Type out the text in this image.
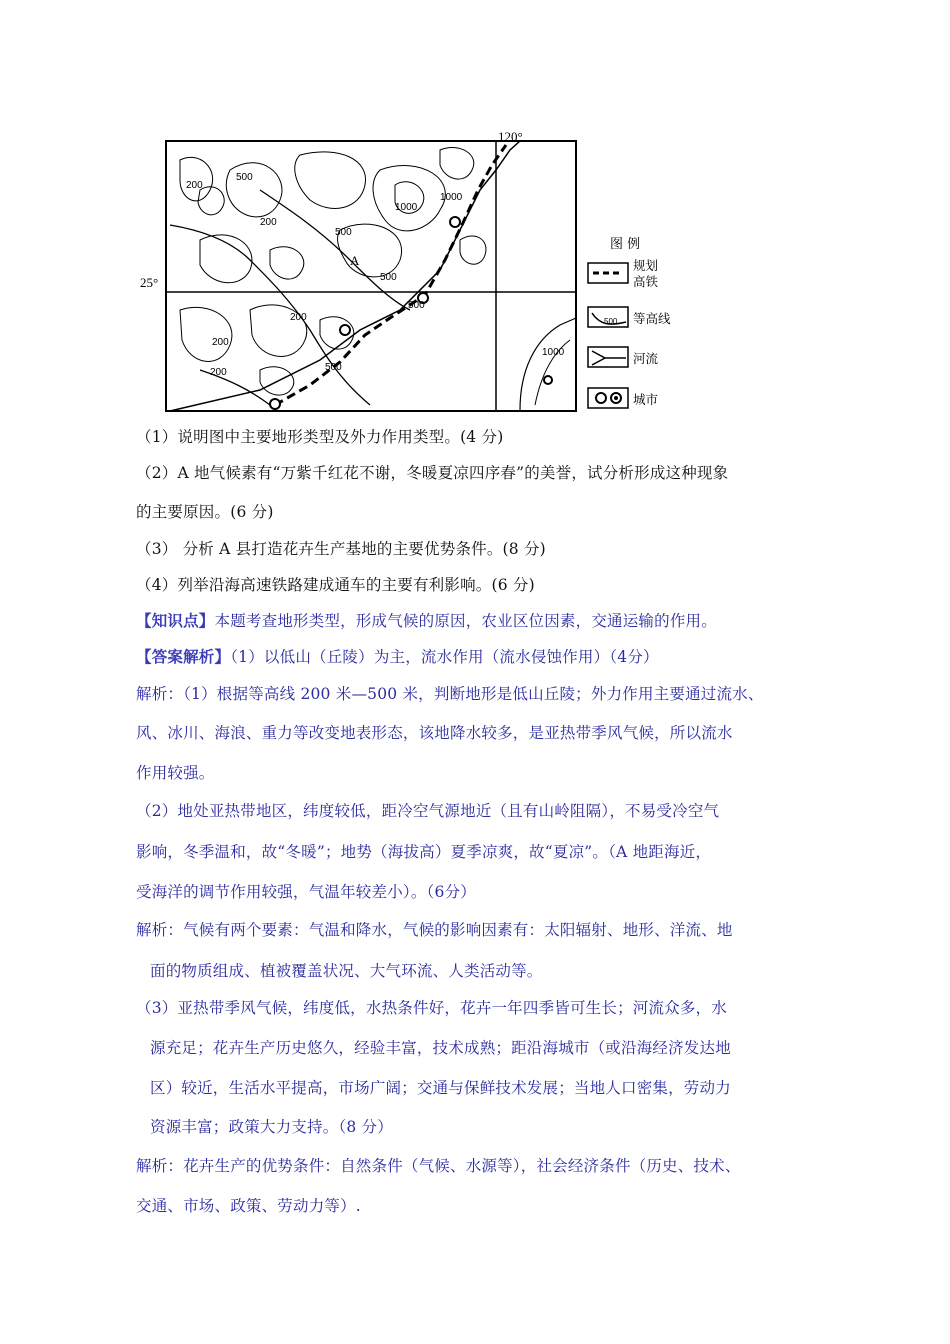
120°
25°
A
200
500
200
1000
500
1000
500
200
200
500
200	500
1000
图 例
规划
高铁
500 等高线
河流
城市
（1）说明图中主要地形类型及外力作用类型。(4 分)
（2）A 地气候素有“万紫千红花不谢，冬暖夏凉四序春”的美誉，试分析形成这种现象
的主要原因。(6 分)
（3） 分析 A 县打造花卉生产基地的主要优势条件。(8 分)
（4）列举沿海高速铁路建成通车的主要有利影响。(6 分)
【知识点】本题考查地形类型，形成气候的原因，农业区位因素，交通运输的作用。
【答案解析】（1）以低山（丘陵）为主，流水作用（流水侵蚀作用）（4分）
解析：（1）根据等高线 200 米—500 米，判断地形是低山丘陵；外力作用主要通过流水、
风、冰川、海浪、重力等改变地表形态，该地降水较多，是亚热带季风气候，所以流水
作用较强。
（2）地处亚热带地区，纬度较低，距冷空气源地近（且有山岭阻隔），不易受冷空气
影响，冬季温和，故“冬暖”；地势（海拔高）夏季凉爽，故“夏凉”。（A 地距海近，
受海洋的调节作用较强，气温年较差小）。（6分）
解析：气候有两个要素：气温和降水，气候的影响因素有：太阳辐射、地形、洋流、地
面的物质组成、植被覆盖状况、大气环流、人类活动等。
（3）亚热带季风气候，纬度低，水热条件好，花卉一年四季皆可生长；河流众多，水
源充足；花卉生产历史悠久，经验丰富，技术成熟；距沿海城市（或沿海经济发达地
区）较近，生活水平提高，市场广阔；交通与保鲜技术发展；当地人口密集，劳动力
资源丰富；政策大力支持。（8 分）
解析：花卉生产的优势条件：自然条件（气候、水源等），社会经济条件（历史、技术、
交通、市场、政策、劳动力等）.
